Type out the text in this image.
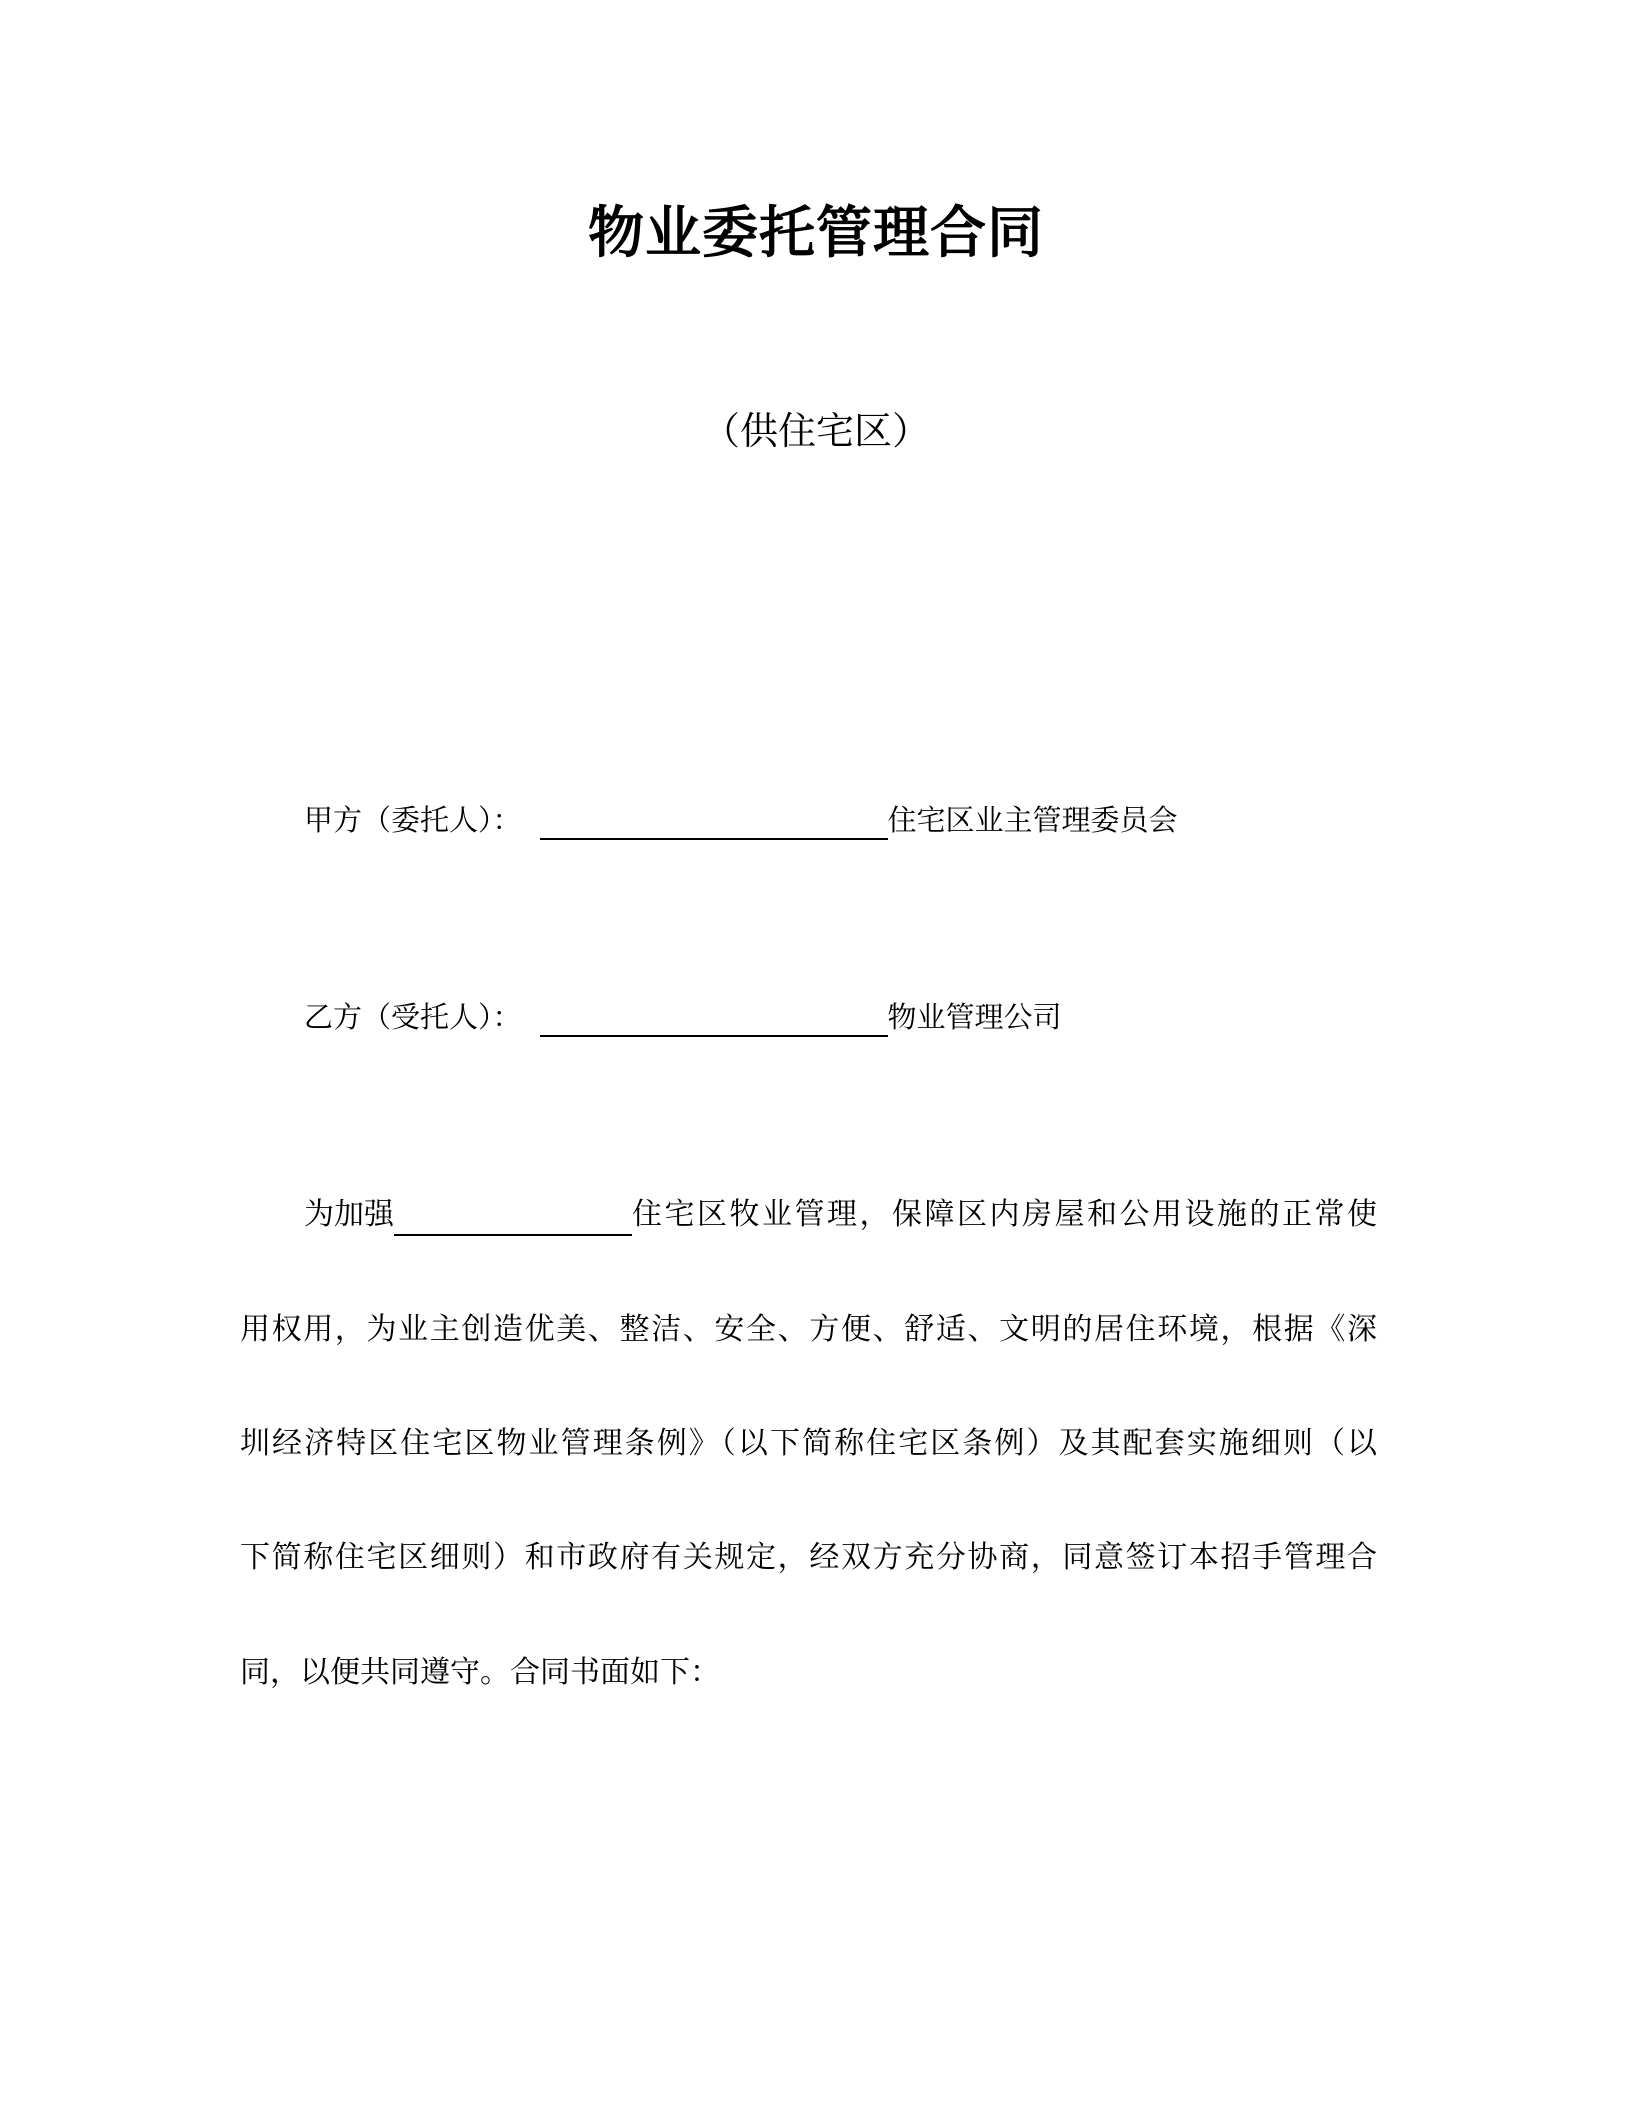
物业委托管理合同
（供住宅区）
甲方（委托人）：	住宅区业主管理委员会
乙方（受托人）：	物业管理公司
为加强	住宅区牧业管理，保障区内房屋和公用设施的正常使
用权用，为业主创造优美、整洁、安全、方便、舒适、文明的居住环境，根据《深
圳经济特区住宅区物业管理条例》（以下简称住宅区条例）及其配套实施细则（以
下简称住宅区细则）和市政府有关规定，经双方充分协商，同意签订本招手管理合
同，以便共同遵守。合同书面如下：
